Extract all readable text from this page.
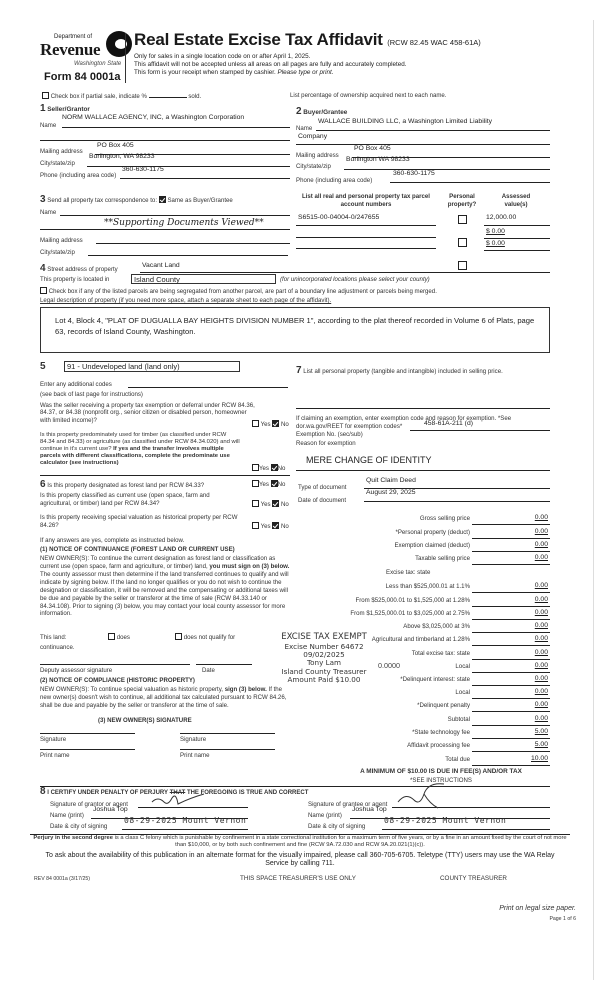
Department of
Revenue
Washington State
Form 84 0001a
Real Estate Excise Tax Affidavit (RCW 82.45 WAC 458-61A)
Only for sales in a single location code on or after April 1, 2025.
This affidavit will not be accepted unless all areas on all pages are fully and accurately completed.
This form is your receipt when stamped by cashier. Please type or print.
Check box if partial sale, indicate %	sold.	List percentage of ownership acquired next to each name.
1 Seller/Grantor
Name
NORM WALLACE AGENCY, INC, a Washington Corporation
Mailing address
PO Box 405
City/state/zip
Burlington, WA 98233
Phone (including area code)
360-630-1175
2 Buyer/Grantee
Name
WALLACE BUILDING LLC, a Washington Limited Liability
Company
Mailing address
PO Box 405
City/state/zip
Burlington WA 98233
Phone (including area code)
360-630-1175
3 Send all property tax correspondence to: Same as Buyer/Grantee
Name
**Supporting Documents Viewed**
Mailing address
City/state/zip
List all real and personal property tax parcel account numbers
Personal property?
Assessed value(s)
S6515-00-04004-0/247655	12,000.00
$ 0.00
$ 0.00
4 Street address of property
Vacant Land
This property is located in	Island County	(for unincorporated locations please select your county)
Check box if any of the listed parcels are being segregated from another parcel, are part of a boundary line adjustment or parcels being merged.
Legal description of property (if you need more space, attach a separate sheet to each page of the affidavit).
Lot 4, Block 4, "PLAT OF DUGUALLA BAY HEIGHTS DIVISION NUMBER 1", according to the plat thereof recorded in Volume 6 of Plats, page 63, records of Island County, Washington.
5	91 - Undeveloped land (land only)
Enter any additional codes
(see back of last page for instructions)
Was the seller receiving a property tax exemption or deferral under RCW 84.36, 84.37, or 84.38 (nonprofit org., senior citizen or disabled person, homeowner with limited income)?
Yes No
Is this property predominately used for timber (as classified under RCW 84.34 and 84.33) or agriculture (as classified under RCW 84.34.020) and will continue in it's current use? If yes and the transfer involves multiple parcels with different classifications, complete the predominate use calculator (see instructions)
Yes No
6 Is this property designated as forest land per RCW 84.33?	Yes No
Is this property classified as current use (open space, farm and agricultural, or timber) land per RCW 84.34?	Yes No
Is this property receiving special valuation as historical property per RCW 84.26?	Yes No
If any answers are yes, complete as instructed below.
(1) NOTICE OF CONTINUANCE (FOREST LAND OR CURRENT USE)
NEW OWNER(S): To continue the current designation as forest land or classification as current use (open space, farm and agriculture, or timber) land, you must sign on (3) below. The county assessor must then determine if the land transferred continues to qualify and will indicate by signing below. If the land no longer qualifies or you do not wish to continue the designation or classification, it will be removed and the compensating or additional taxes will be due and payable by the seller or transferor at the time of sale (RCW 84.33.140 or 84.34.108). Prior to signing (3) below, you may contact your local county assessor for more information.
This land:
continuance.
does	does not qualify for
Deputy assessor signature	Date
(2) NOTICE OF COMPLIANCE (HISTORIC PROPERTY)
NEW OWNER(S): To continue special valuation as historic property, sign (3) below. If the new owner(s) doesn't wish to continue, all additional tax calculated pursuant to RCW 84.26, shall be due and payable by the seller or transferor at the time of sale.
(3) NEW OWNER(S) SIGNATURE
Signature	Signature
Print name	Print name
EXCISE TAX EXEMPT
Excise Number 64672
09/02/2025
Tony Lam
Island County Treasurer
Amount Paid $10.00
7 List all personal property (tangible and intangible) included in selling price.
If claiming an exemption, enter exemption code and reason for exemption. *See dor.wa.gov/REET for exemption codes*
Exemption No. (sec/sub)
458-61A-211 (d)
Reason for exemption
MERE CHANGE OF IDENTITY
Type of document
Quit Claim Deed
Date of document
August 29, 2025
Gross selling price	0.00
*Personal property (deduct)	0.00
Exemption claimed (deduct)	0.00
Taxable selling price	0.00
Excise tax: state
Less than $525,000.01 at 1.1%	0.00
From $525,000.01 to $1,525,000 at 1.28%	0.00
From $1,525,000.01 to $3,025,000 at 2.75%	0.00
Above $3,025,000 at 3%	0.00
Agricultural and timberland at 1.28%	0.00
Total excise tax: state	0.00
0.0000	Local	0.00
*Delinquent interest: state	0.00
Local	0.00
*Delinquent penalty	0.00
Subtotal	0.00
*State technology fee	5.00
Affidavit processing fee	5.00
Total due	10.00
A MINIMUM OF $10.00 IS DUE IN FEE(S) AND/OR TAX
*SEE INSTRUCTIONS
8 I CERTIFY UNDER PENALTY OF PERJURY THAT THE FOREGOING IS TRUE AND CORRECT
Signature of grantor or agent
Name (print)
Joshua Top
Date & city of signing
08-29-2025 Mount Vernon
Signature of grantee or agent
Name (print)
Joshua Top
Date & city of signing
08-29-2025 Mount Vernon
Perjury in the second degree is a class C felony which is punishable by confinement in a state correctional institution for a maximum term of five years, or by a fine in an amount fixed by the court of not more than $10,000, or by both such confinement and fine (RCW 9A.72.030 and RCW 9A.20.021(1)(c)).
To ask about the availability of this publication in an alternate format for the visually impaired, please call 360-705-6705. Teletype (TTY) users may use the WA Relay Service by calling 711.
REV 84 0001a (3/17/25)	THIS SPACE TREASURER'S USE ONLY	COUNTY TREASURER
Print on legal size paper.
Page 1 of 6
